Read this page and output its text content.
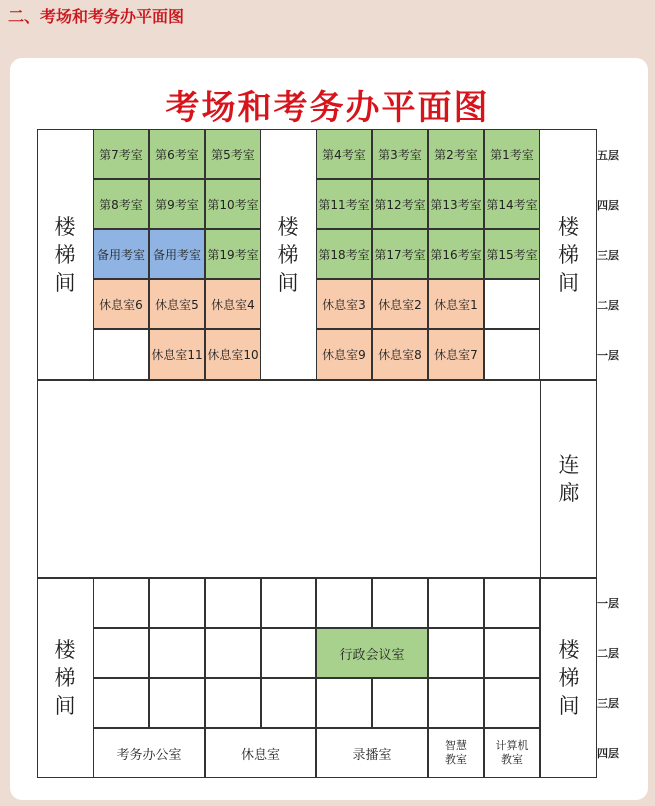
二、考场和考务办平面图
考场和考务办平面图
楼
梯
间
楼
梯
间
楼
梯
间
第7考室 第6考室 第5考室
第8考室 第9考室 第10考室
备用考室 备用考室 第19考室
休息室6 休息室5 休息室4
休息室11 休息室10
第4考室 第3考室 第2考室 第1考室
第11考室 第12考室 第13考室 第14考室
第18考室 第17考室 第16考室 第15考室
休息室3 休息室2 休息室1
休息室9 休息室8 休息室7
五层
四层
三层
二层
一层
连
廊
楼
梯
间
楼
梯
间
行政会议室
考务办公室	休息室	录播室
智慧
教室
计算机
教室
一层
二层
三层
四层
